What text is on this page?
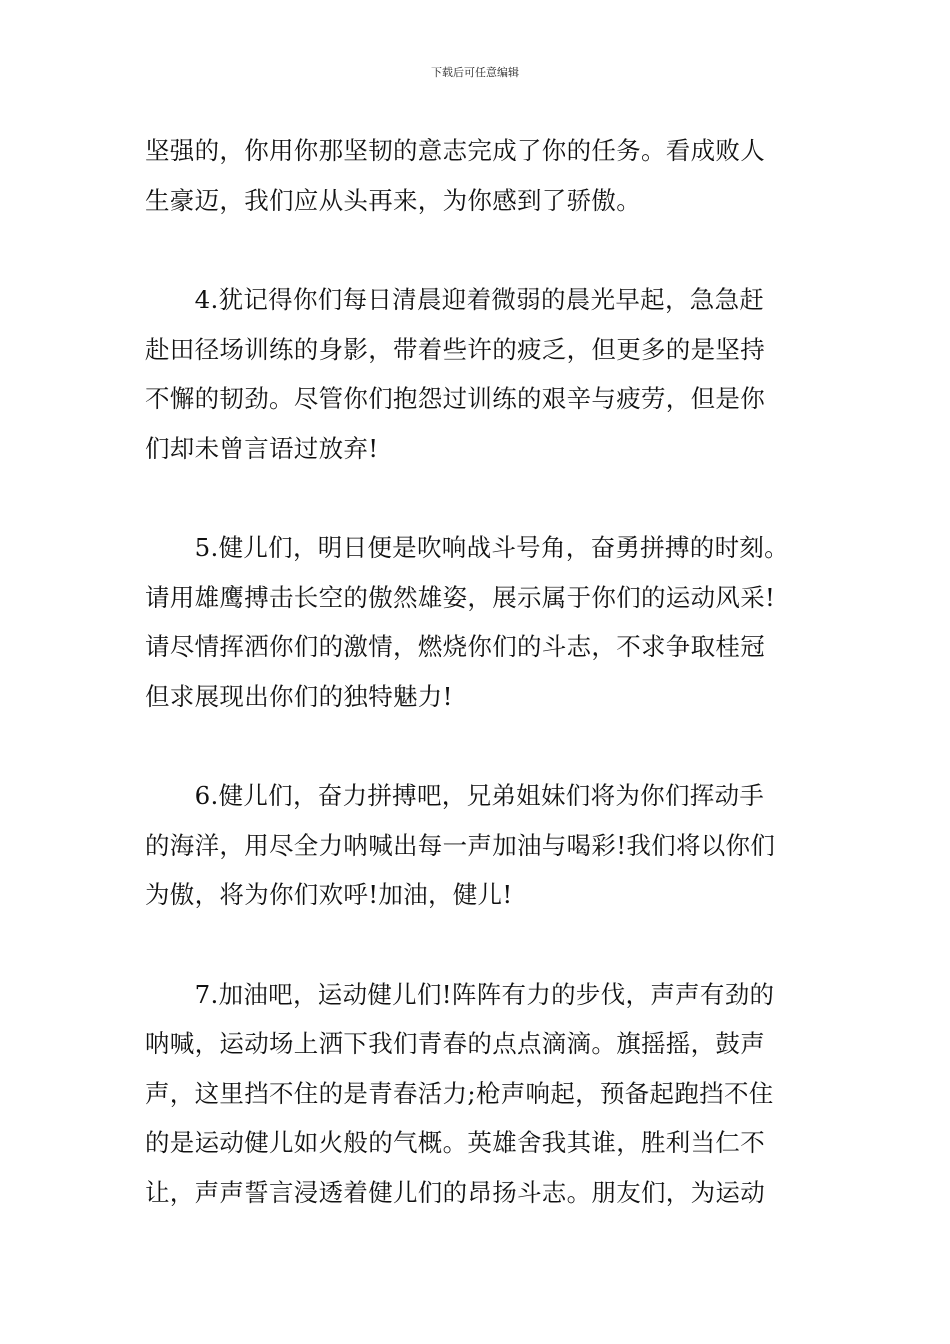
下载后可任意编辑
坚强的，你用你那坚韧的意志完成了你的任务。看成败人
生豪迈，我们应从头再来，为你感到了骄傲。
　　4.犹记得你们每日清晨迎着微弱的晨光早起，急急赶
赴田径场训练的身影，带着些许的疲乏，但更多的是坚持
不懈的韧劲。尽管你们抱怨过训练的艰辛与疲劳，但是你
们却未曾言语过放弃!
　　5.健儿们，明日便是吹响战斗号角，奋勇拼搏的时刻。
请用雄鹰搏击长空的傲然雄姿，展示属于你们的运动风采!
请尽情挥洒你们的激情，燃烧你们的斗志，不求争取桂冠
但求展现出你们的独特魅力!
　　6.健儿们，奋力拼搏吧，兄弟姐妹们将为你们挥动手
的海洋，用尽全力呐喊出每一声加油与喝彩!我们将以你们
为傲，将为你们欢呼!加油，健儿!
　　7.加油吧，运动健儿们!阵阵有力的步伐，声声有劲的
呐喊，运动场上洒下我们青春的点点滴滴。旗摇摇，鼓声
声，这里挡不住的是青春活力;枪声响起，预备起跑挡不住
的是运动健儿如火般的气概。英雄舍我其谁，胜利当仁不
让，声声誓言浸透着健儿们的昂扬斗志。朋友们，为运动
